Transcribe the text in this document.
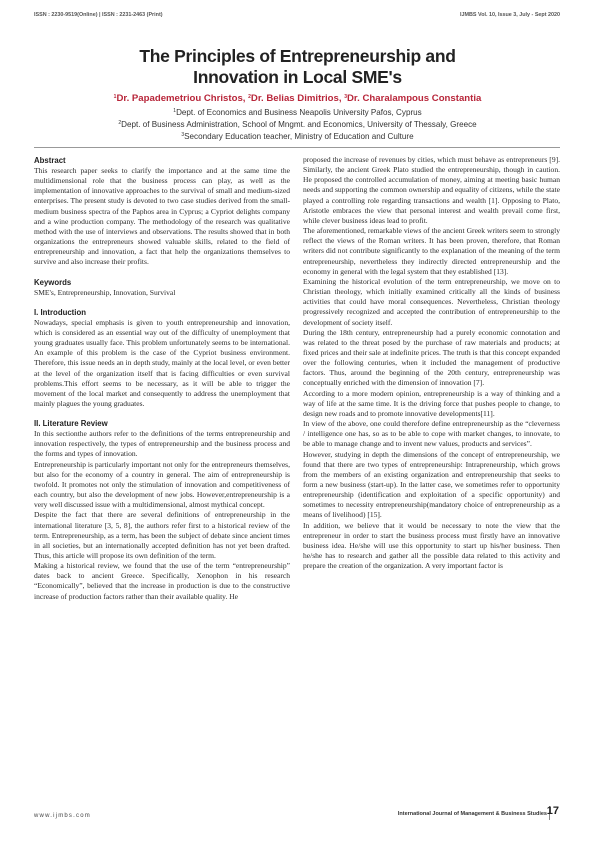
ISSN : 2230-9519(Online) | ISSN : 2231-2463 (Print)	IJMBS Vol. 10, Issue 3, July - Sept 2020
The Principles of Entrepreneurship and
Innovation in Local SME's
$^1$Dr. Papademetriou Christos, $^2$Dr. Belias Dimitrios, $^3$Dr. Charalampous Constantia
$^1$Dept. of Economics and Business Neapolis University Pafos, Cyprus
$^2$Dept. of Business Administration, School of Mngmt. and Economics, University of Thessaly, Greece
$^3$Secondary Education teacher, Ministry of Education and Culture
Abstract

This research paper seeks to clarify the importance and at the same time the multidimensional role that the business process can play, as well as the implementation of innovative approaches to the survival of small and medium-sized enterprises. The present study is devoted to two case studies derived from the small-medium business spectra of the Paphos area in Cyprus; a Cypriot delights company and a wine production company. The methodology of the research was qualitative method with the use of interviews and observations. The results showed that in both organizations the entrepreneurs showed valuable skills, related to the field of entrepreneurship and innovation, a fact that help the organizations themselves to survive and also increase their profits.

Keywords

SME's, Entrepreneurship, Innovation, Survival

I. Introduction

Nowadays, special emphasis is given to youth entrepreneurship and innovation, which is considered as an essential way out of the difficulty of unemployment that young graduates usually face. This problem unfortunately seems to be international. An example of this problem is the case of the Cypriot business environment. Therefore, this issue needs an in depth study, mainly at the local level, or even better at the level of the organization itself that is facing difficulties or even survival problems.This effort seems to be necessary, as it will be able to trigger the movement of the local market and consequently to address the unemployment that mainly plagues the young graduates.

II. Literature Review

In this sectionthe authors refer to the definitions of the terms entrepreneurship and innovation respectively, the types of entrepreneurship and the business process and the forms and types of innovation.

Entrepreneurship is particularly important not only for the entrepreneurs themselves, but also for the economy of a country in general. The aim of entrepreneurship is twofold. It promotes not only the stimulation of innovation and competitiveness of each country, but also the development of new jobs. However,entrepreneurship is a very well discussed issue with a multidimensional, almost mythical concept.

Despite the fact that there are several definitions of entrepreneurship in the international literature [3, 5, 8], the authors refer first to a historical review of the term. Entrepreneurship, as a term, has been the subject of debate since ancient times in all societies, but an internationally accepted definition has not yet been drafted. Thus, this article will propose its own definition of the term.

Making a historical review, we found that the use of the term “entrepreneurship” dates back to ancient Greece. Specifically, Xenophon in his research “Economically”, believed that the increase in production is due to the constructive increase of production factors rather than their available quality. He

proposed the increase of revenues by cities, which must behave as entrepreneurs [9]. Similarly, the ancient Greek Plato studied the entrepreneurship, though in caution. He proposed the controlled accumulation of money, aiming at meeting basic human needs and supporting the common ownership and equality of citizens, while the state played a controlling role regarding transactions and wealth [1]. Opposing to Plato, Aristotle embraces the view that personal interest and wealth prevail come first, while clever business ideas lead to profit.

The aforementioned, remarkable views of the ancient Greek writers seem to strongly reflect the views of the Roman writers. It has been proven, therefore, that Roman writers did not contribute significantly to the explanation of the meaning of the term entrepreneurship, nevertheless they indirectly directed entrepreneurship and the economy in general with the legal system that they established [13].

Examining the historical evolution of the term entrepreneurship, we move on to Christian theology, which initially examined critically all the kinds of business activities that could have moral consequences. Nevertheless, Christian theology progressively recognized and accepted the contribution of entrepreneurship to the development of society itself.

During the 18th century, entrepreneurship had a purely economic connotation and was related to the threat posed by the purchase of raw materials and products; at fixed prices and their sale at indefinite prices. The truth is that this concept expanded over the following centuries, when it included the management of productive factors. Thus, around the beginning of the 20th century, entrepreneurship was conceptually enriched with the dimension of innovation [7].

According to a more modern opinion, entrepreneurship is a way of thinking and a way of life at the same time. It is the driving force that pushes people to change, to design new roads and to promote innovative developments[11].

In view of the above, one could therefore define entrepreneurship as the “cleverness / intelligence one has, so as to be able to cope with market changes, to innovate, to be able to manage change and to invent new values, products and services”.

However, studying in depth the dimensions of the concept of entrepreneurship, we found that there are two types of entrepreneurship: Intrapreneurship, which grows from the members of an existing organization and entrepreneurship that seeks to form a new business (start-up). In the latter case, we sometimes refer to opportunity entrepreneurship (identification and exploitation of a specific opportunity) and sometimes to necessity entrepreneurship(mandatory choice of entrepreneurship as a means of livelihood) [15].

In addition, we believe that it would be necessary to note the view that the entrepreneur in order to start the business process must firstly have an innovative business idea. He/she will use this opportunity to start up his/her business. Then he/she has to research and gather all the possible data related to this activity and prepare the creation of the organization. A very important factor is

www.ijmbs.com	International Journal of Management & Business Studies 17
